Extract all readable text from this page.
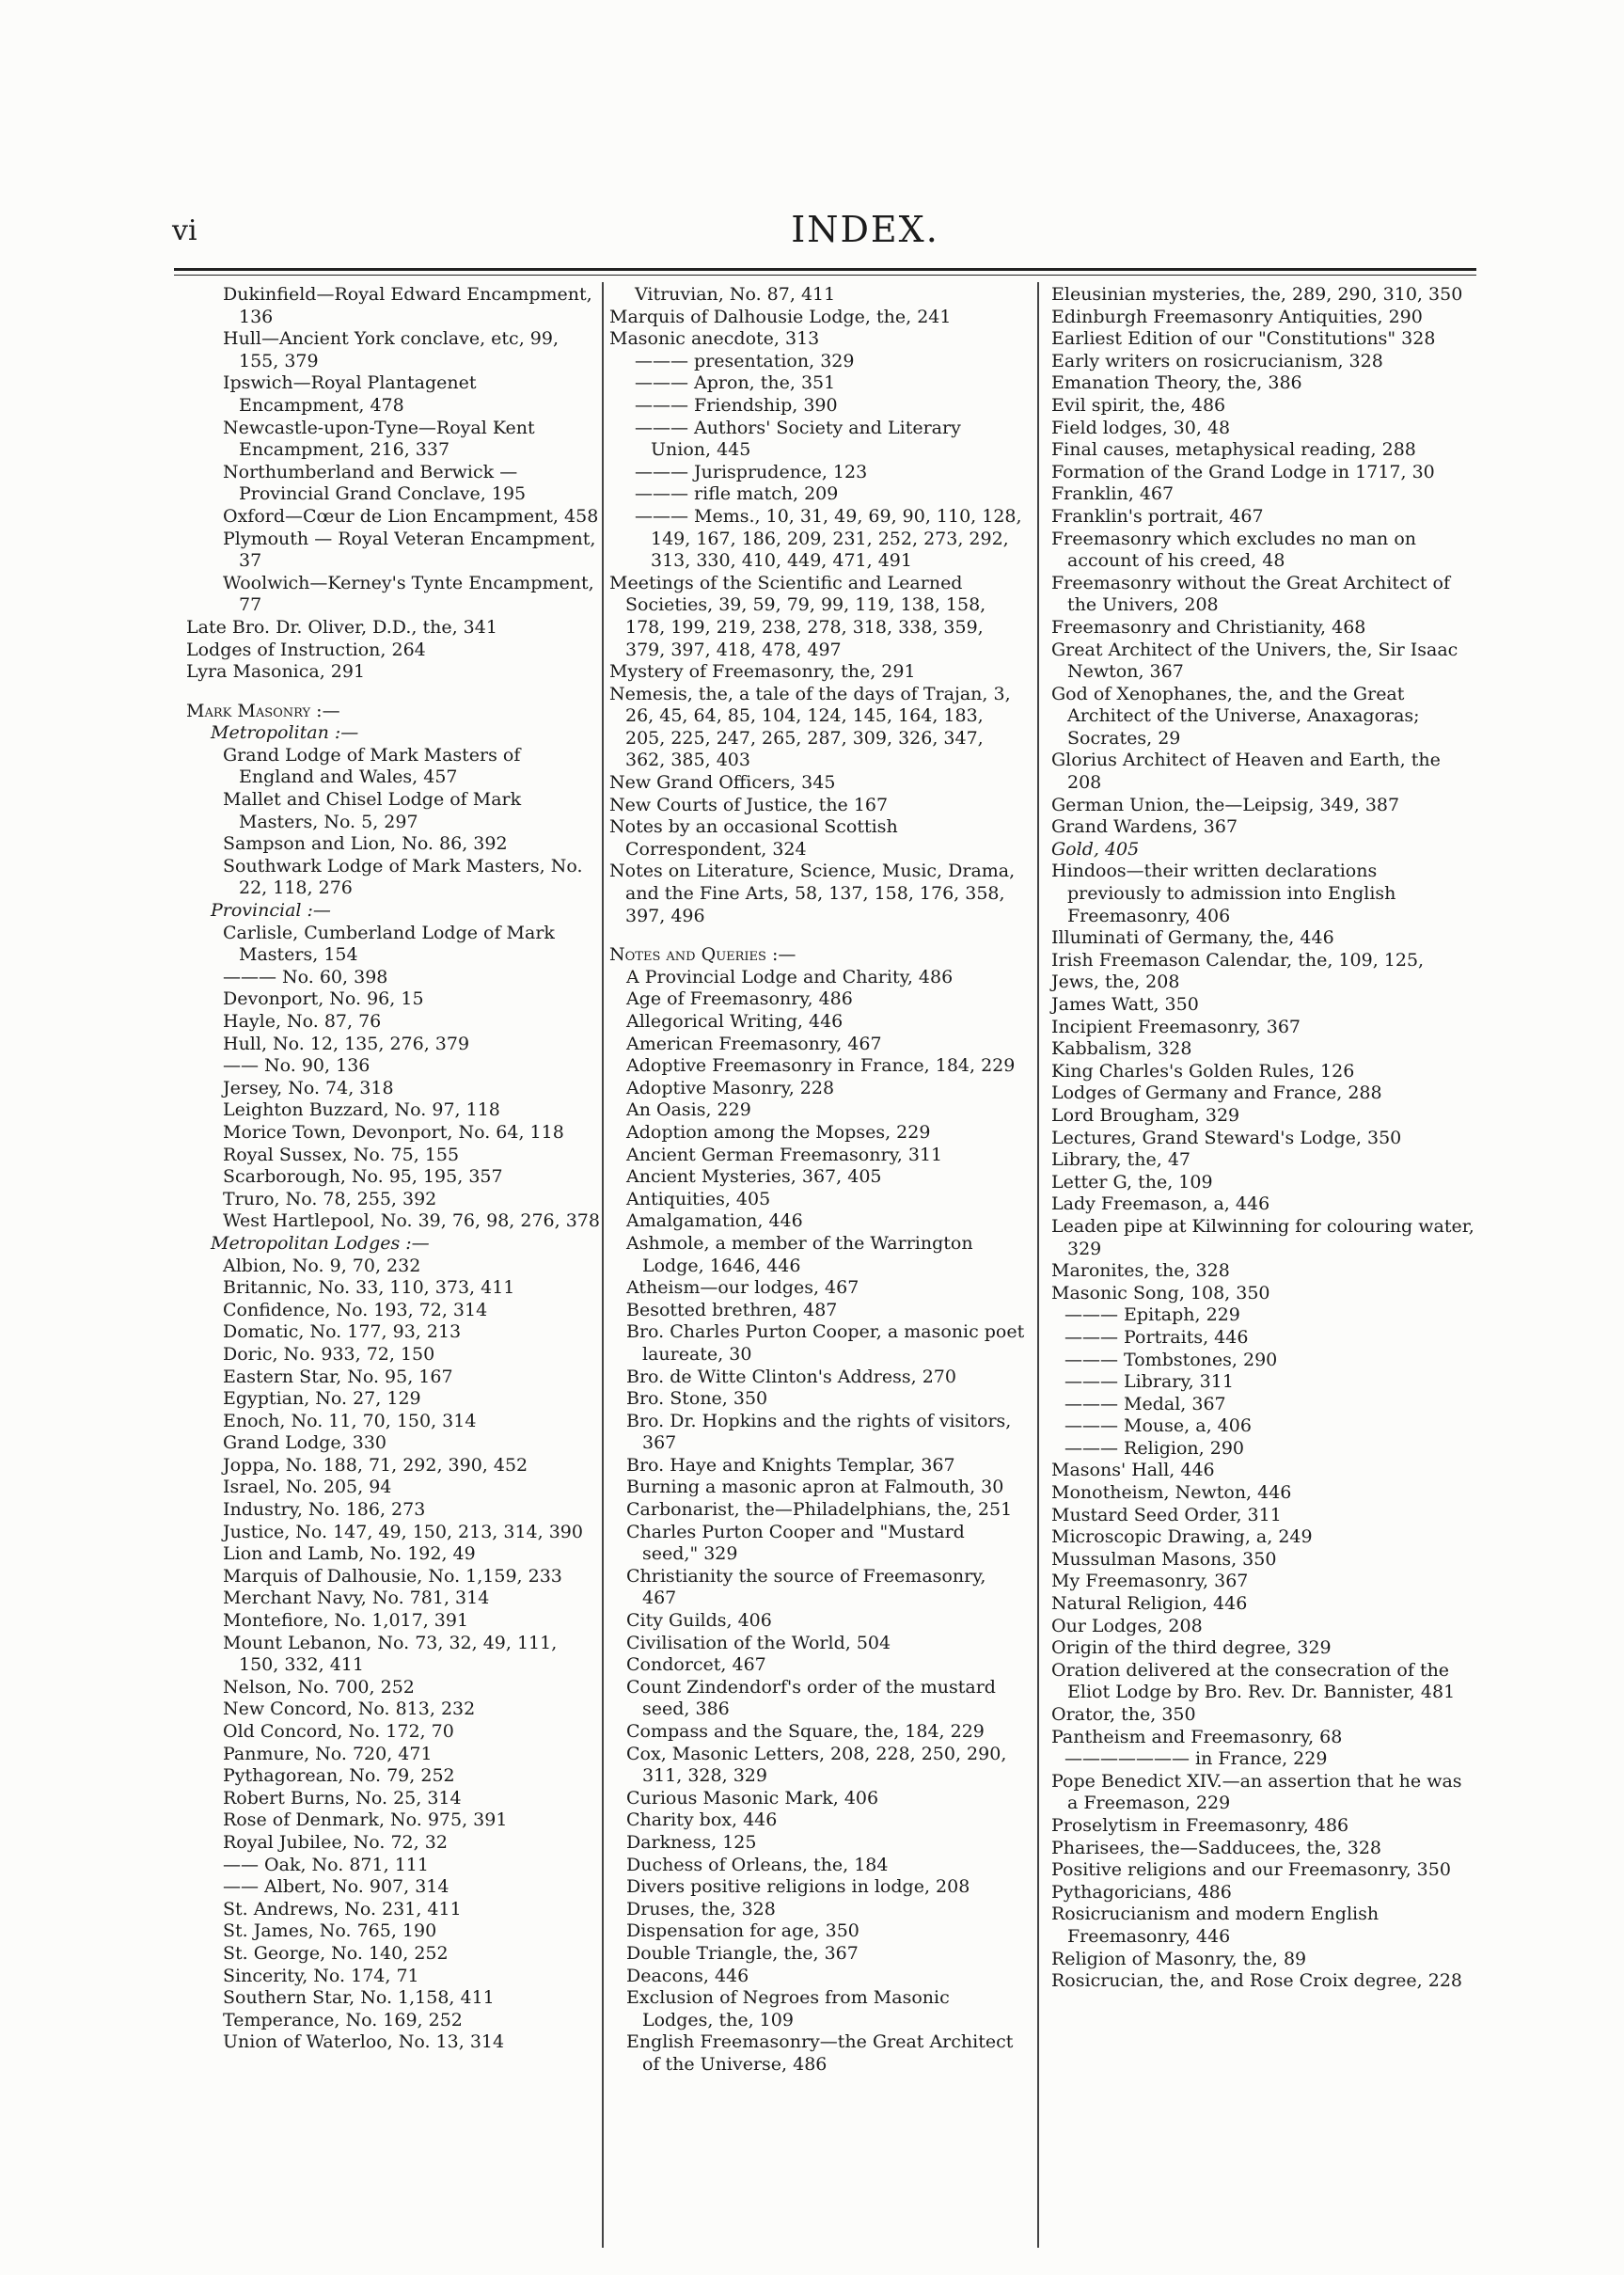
vi	INDEX.
Dukinfield—Royal Edward Encampment, 136
Hull—Ancient York conclave, etc, 99, 155, 379
Ipswich—Royal Plantagenet Encampment, 478
Newcastle-upon-Tyne—Royal Kent Encampment, 216, 337
Northumberland and Berwick — Provincial Grand Conclave, 195
Oxford—Cœur de Lion Encampment, 458
Plymouth — Royal Veteran Encampment, 37
Woolwich—Kerney's Tynte Encampment, 77
Late Bro. Dr. Oliver, D.D., the, 341
Lodges of Instruction, 264
Lyra Masonica, 291
Mark Masonry :—
Metropolitan :—
Grand Lodge of Mark Masters of England and Wales, 457
Mallet and Chisel Lodge of Mark Masters, No. 5, 297
Sampson and Lion, No. 86, 392
Southwark Lodge of Mark Masters, No. 22, 118, 276
Provincial :—
Carlisle, Cumberland Lodge of Mark Masters, 154
——— No. 60, 398
Devonport, No. 96, 15
Hayle, No. 87, 76
Hull, No. 12, 135, 276, 379
—— No. 90, 136
Jersey, No. 74, 318
Leighton Buzzard, No. 97, 118
Morice Town, Devonport, No. 64, 118
Royal Sussex, No. 75, 155
Scarborough, No. 95, 195, 357
Truro, No. 78, 255, 392
West Hartlepool, No. 39, 76, 98, 276, 378
Metropolitan Lodges :—
Albion, No. 9, 70, 232
Britannic, No. 33, 110, 373, 411
Confidence, No. 193, 72, 314
Domatic, No. 177, 93, 213
Doric, No. 933, 72, 150
Eastern Star, No. 95, 167
Egyptian, No. 27, 129
Enoch, No. 11, 70, 150, 314
Grand Lodge, 330
Joppa, No. 188, 71, 292, 390, 452
Israel, No. 205, 94
Industry, No. 186, 273
Justice, No. 147, 49, 150, 213, 314, 390
Lion and Lamb, No. 192, 49
Marquis of Dalhousie, No. 1,159, 233
Merchant Navy, No. 781, 314
Montefiore, No. 1,017, 391
Mount Lebanon, No. 73, 32, 49, 111, 150, 332, 411
Nelson, No. 700, 252
New Concord, No. 813, 232
Old Concord, No. 172, 70
Panmure, No. 720, 471
Pythagorean, No. 79, 252
Robert Burns, No. 25, 314
Rose of Denmark, No. 975, 391
Royal Jubilee, No. 72, 32
—— Oak, No. 871, 111
—— Albert, No. 907, 314
St. Andrews, No. 231, 411
St. James, No. 765, 190
St. George, No. 140, 252
Sincerity, No. 174, 71
Southern Star, No. 1,158, 411
Temperance, No. 169, 252
Union of Waterloo, No. 13, 314
Vitruvian, No. 87, 411
Marquis of Dalhousie Lodge, the, 241
Masonic anecdote, 313
——— presentation, 329
——— Apron, the, 351
——— Friendship, 390
——— Authors' Society and Literary Union, 445
——— Jurisprudence, 123
——— rifle match, 209
——— Mems., 10, 31, 49, 69, 90, 110, 128, 149, 167, 186, 209, 231, 252, 273, 292, 313, 330, 410, 449, 471, 491
Meetings of the Scientific and Learned Societies, 39, 59, 79, 99, 119, 138, 158, 178, 199, 219, 238, 278, 318, 338, 359, 379, 397, 418, 478, 497
Mystery of Freemasonry, the, 291
Nemesis, the, a tale of the days of Trajan, 3, 26, 45, 64, 85, 104, 124, 145, 164, 183, 205, 225, 247, 265, 287, 309, 326, 347, 362, 385, 403
New Grand Officers, 345
New Courts of Justice, the 167
Notes by an occasional Scottish Correspondent, 324
Notes on Literature, Science, Music, Drama, and the Fine Arts, 58, 137, 158, 176, 358, 397, 496
Notes and Queries :—
A Provincial Lodge and Charity, 486
Age of Freemasonry, 486
Allegorical Writing, 446
American Freemasonry, 467
Adoptive Freemasonry in France, 184, 229
Adoptive Masonry, 228
An Oasis, 229
Adoption among the Mopses, 229
Ancient German Freemasonry, 311
Ancient Mysteries, 367, 405
Antiquities, 405
Amalgamation, 446
Ashmole, a member of the Warrington Lodge, 1646, 446
Atheism—our lodges, 467
Besotted brethren, 487
Bro. Charles Purton Cooper, a masonic poet laureate, 30
Bro. de Witte Clinton's Address, 270
Bro. Stone, 350
Bro. Dr. Hopkins and the rights of visitors, 367
Bro. Haye and Knights Templar, 367
Burning a masonic apron at Falmouth, 30
Carbonarist, the—Philadelphians, the, 251
Charles Purton Cooper and "Mustard seed," 329
Christianity the source of Freemasonry, 467
City Guilds, 406
Civilisation of the World, 504
Condorcet, 467
Count Zindendorf's order of the mustard seed, 386
Compass and the Square, the, 184, 229
Cox, Masonic Letters, 208, 228, 250, 290, 311, 328, 329
Curious Masonic Mark, 406
Charity box, 446
Darkness, 125
Duchess of Orleans, the, 184
Divers positive religions in lodge, 208
Druses, the, 328
Dispensation for age, 350
Double Triangle, the, 367
Deacons, 446
Exclusion of Negroes from Masonic Lodges, the, 109
English Freemasonry—the Great Architect of the Universe, 486
Eleusinian mysteries, the, 289, 290, 310, 350
Edinburgh Freemasonry Antiquities, 290
Earliest Edition of our "Constitutions" 328
Early writers on rosicrucianism, 328
Emanation Theory, the, 386
Evil spirit, the, 486
Field lodges, 30, 48
Final causes, metaphysical reading, 288
Formation of the Grand Lodge in 1717, 30
Franklin, 467
Franklin's portrait, 467
Freemasonry which excludes no man on account of his creed, 48
Freemasonry without the Great Architect of the Univers, 208
Freemasonry and Christianity, 468
Great Architect of the Univers, the, Sir Isaac Newton, 367
God of Xenophanes, the, and the Great Architect of the Universe, Anaxagoras; Socrates, 29
Glorius Architect of Heaven and Earth, the 208
German Union, the—Leipsig, 349, 387
Grand Wardens, 367
Gold, 405
Hindoos—their written declarations previously to admission into English Freemasonry, 406
Illuminati of Germany, the, 446
Irish Freemason Calendar, the, 109, 125,
Jews, the, 208
James Watt, 350
Incipient Freemasonry, 367
Kabbalism, 328
King Charles's Golden Rules, 126
Lodges of Germany and France, 288
Lord Brougham, 329
Lectures, Grand Steward's Lodge, 350
Library, the, 47
Letter G, the, 109
Lady Freemason, a, 446
Leaden pipe at Kilwinning for colouring water, 329
Maronites, the, 328
Masonic Song, 108, 350
——— Epitaph, 229
——— Portraits, 446
——— Tombstones, 290
——— Library, 311
——— Medal, 367
——— Mouse, a, 406
——— Religion, 290
Masons' Hall, 446
Monotheism, Newton, 446
Mustard Seed Order, 311
Microscopic Drawing, a, 249
Mussulman Masons, 350
My Freemasonry, 367
Natural Religion, 446
Our Lodges, 208
Origin of the third degree, 329
Oration delivered at the consecration of the Eliot Lodge by Bro. Rev. Dr. Bannister, 481
Orator, the, 350
Pantheism and Freemasonry, 68
——————— in France, 229
Pope Benedict XIV.—an assertion that he was a Freemason, 229
Proselytism in Freemasonry, 486
Pharisees, the—Sadducees, the, 328
Positive religions and our Freemasonry, 350
Pythagoricians, 486
Rosicrucianism and modern English Freemasonry, 446
Religion of Masonry, the, 89
Rosicrucian, the, and Rose Croix degree, 228
